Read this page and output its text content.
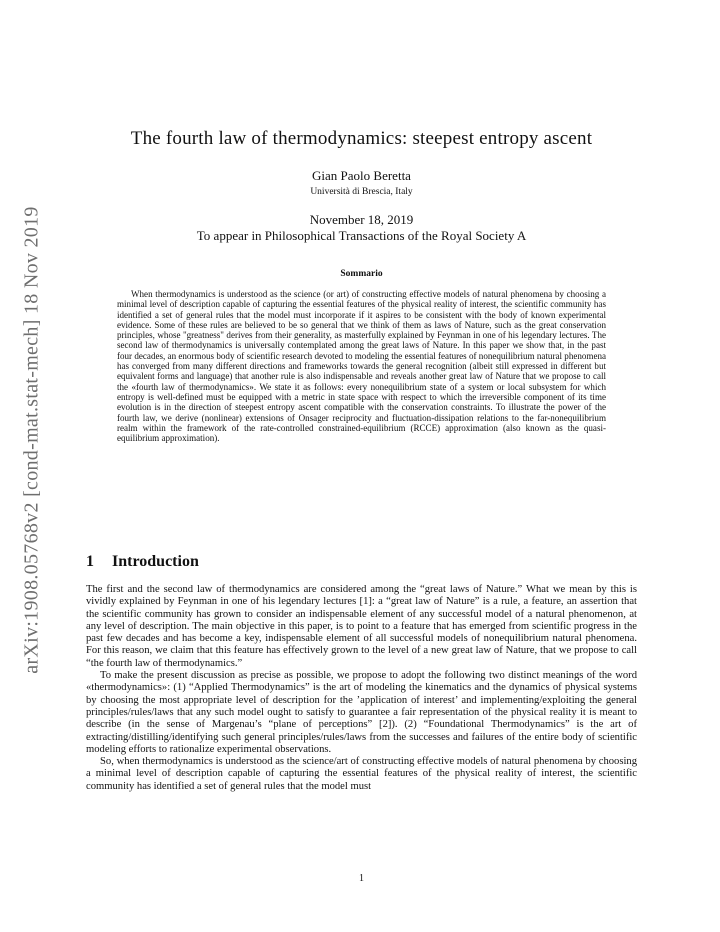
arXiv:1908.05768v2 [cond-mat.stat-mech] 18 Nov 2019
The fourth law of thermodynamics: steepest entropy ascent
Gian Paolo Beretta
Università di Brescia, Italy
November 18, 2019
To appear in Philosophical Transactions of the Royal Society A
Sommario

When thermodynamics is understood as the science (or art) of constructing effective models of natural phenomena by choosing a minimal level of description capable of capturing the essential features of the physical reality of interest, the scientific community has identified a set of general rules that the model must incorporate if it aspires to be consistent with the body of known experimental evidence. Some of these rules are believed to be so general that we think of them as laws of Nature, such as the great conservation principles, whose "greatness" derives from their generality, as masterfully explained by Feynman in one of his legendary lectures. The second law of thermodynamics is universally contemplated among the great laws of Nature. In this paper we show that, in the past four decades, an enormous body of scientific research devoted to modeling the essential features of nonequilibrium natural phenomena has converged from many different directions and frameworks towards the general recognition (albeit still expressed in different but equivalent forms and language) that another rule is also indispensable and reveals another great law of Nature that we propose to call the «fourth law of thermodynamics». We state it as follows: every nonequilibrium state of a system or local subsystem for which entropy is well-defined must be equipped with a metric in state space with respect to which the irreversible component of its time evolution is in the direction of steepest entropy ascent compatible with the conservation constraints. To illustrate the power of the fourth law, we derive (nonlinear) extensions of Onsager reciprocity and fluctuation-dissipation relations to the far-nonequilibrium realm within the framework of the rate-controlled constrained-equilibrium (RCCE) approximation (also known as the quasi-equilibrium approximation).

1 Introduction

The first and the second law of thermodynamics are considered among the “great laws of Nature.” What we mean by this is vividly explained by Feynman in one of his legendary lectures [1]: a “great law of Nature” is a rule, a feature, an assertion that the scientific community has grown to consider an indispensable element of any successful model of a natural phenomenon, at any level of description. The main objective in this paper, is to point to a feature that has emerged from scientific progress in the past few decades and has become a key, indispensable element of all successful models of nonequilibrium natural phenomena. For this reason, we claim that this feature has effectively grown to the level of a new great law of Nature, that we propose to call “the fourth law of thermodynamics.”

To make the present discussion as precise as possible, we propose to adopt the following two distinct meanings of the word «thermodynamics»: (1) “Applied Thermodynamics” is the art of modeling the kinematics and the dynamics of physical systems by choosing the most appropriate level of description for the ’application of interest’ and implementing/exploiting the general principles/rules/laws that any such model ought to satisfy to guarantee a fair representation of the physical reality it is meant to describe (in the sense of Margenau’s “plane of perceptions” [2]). (2) “Foundational Thermodynamics” is the art of extracting/distilling/identifying such general principles/rules/laws from the successes and failures of the entire body of scientific modeling efforts to rationalize experimental observations.

So, when thermodynamics is understood as the science/art of constructing effective models of natural phenomena by choosing a minimal level of description capable of capturing the essential features of the physical reality of interest, the scientific community has identified a set of general rules that the model must

1
